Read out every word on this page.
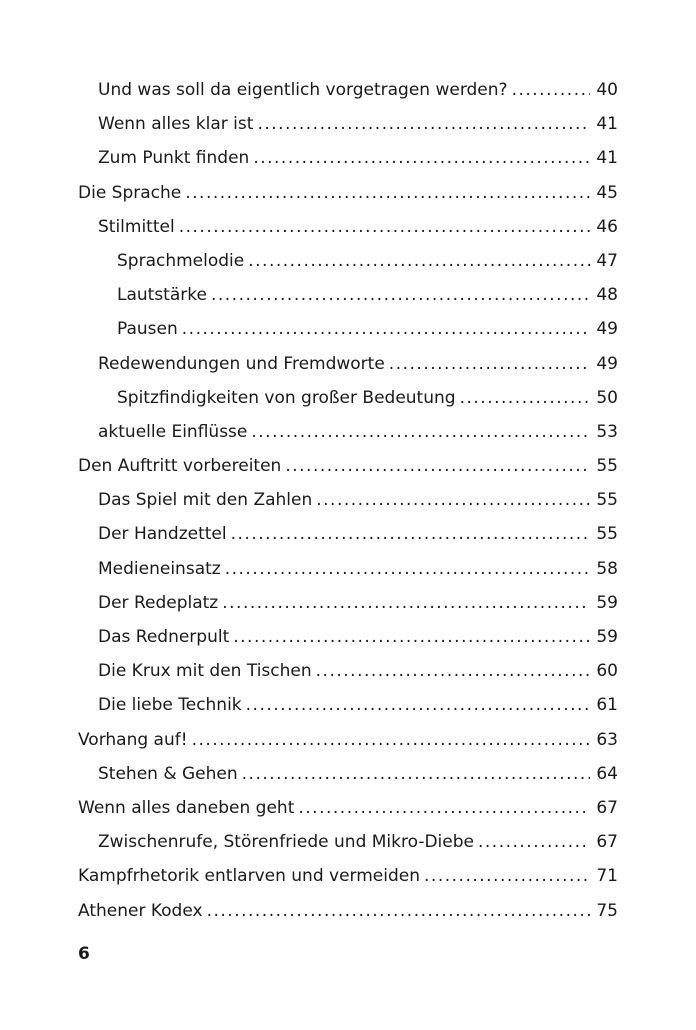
Und was soll da eigentlich vorgetragen werden? .....	40
Wenn alles klar ist .....	41
Zum Punkt finden .....	41
Die Sprache .....	45
Stilmittel .....	46
Sprachmelodie .....	47
Lautstärke .....	48
Pausen .....	49
Redewendungen und Fremdworte .....	49
Spitzfindigkeiten von großer Bedeutung .....	50
aktuelle Einflüsse .....	53
Den Auftritt vorbereiten .....	55
Das Spiel mit den Zahlen .....	55
Der Handzettel .....	55
Medieneinsatz .....	58
Der Redeplatz .....	59
Das Rednerpult .....	59
Die Krux mit den Tischen .....	60
Die liebe Technik .....	61
Vorhang auf! .....	63
Stehen & Gehen .....	64
Wenn alles daneben geht .....	67
Zwischenrufe, Störenfriede und Mikro-Diebe .....	67
Kampfrhetorik entlarven und vermeiden .....	71
Athener Kodex .....	75
6
